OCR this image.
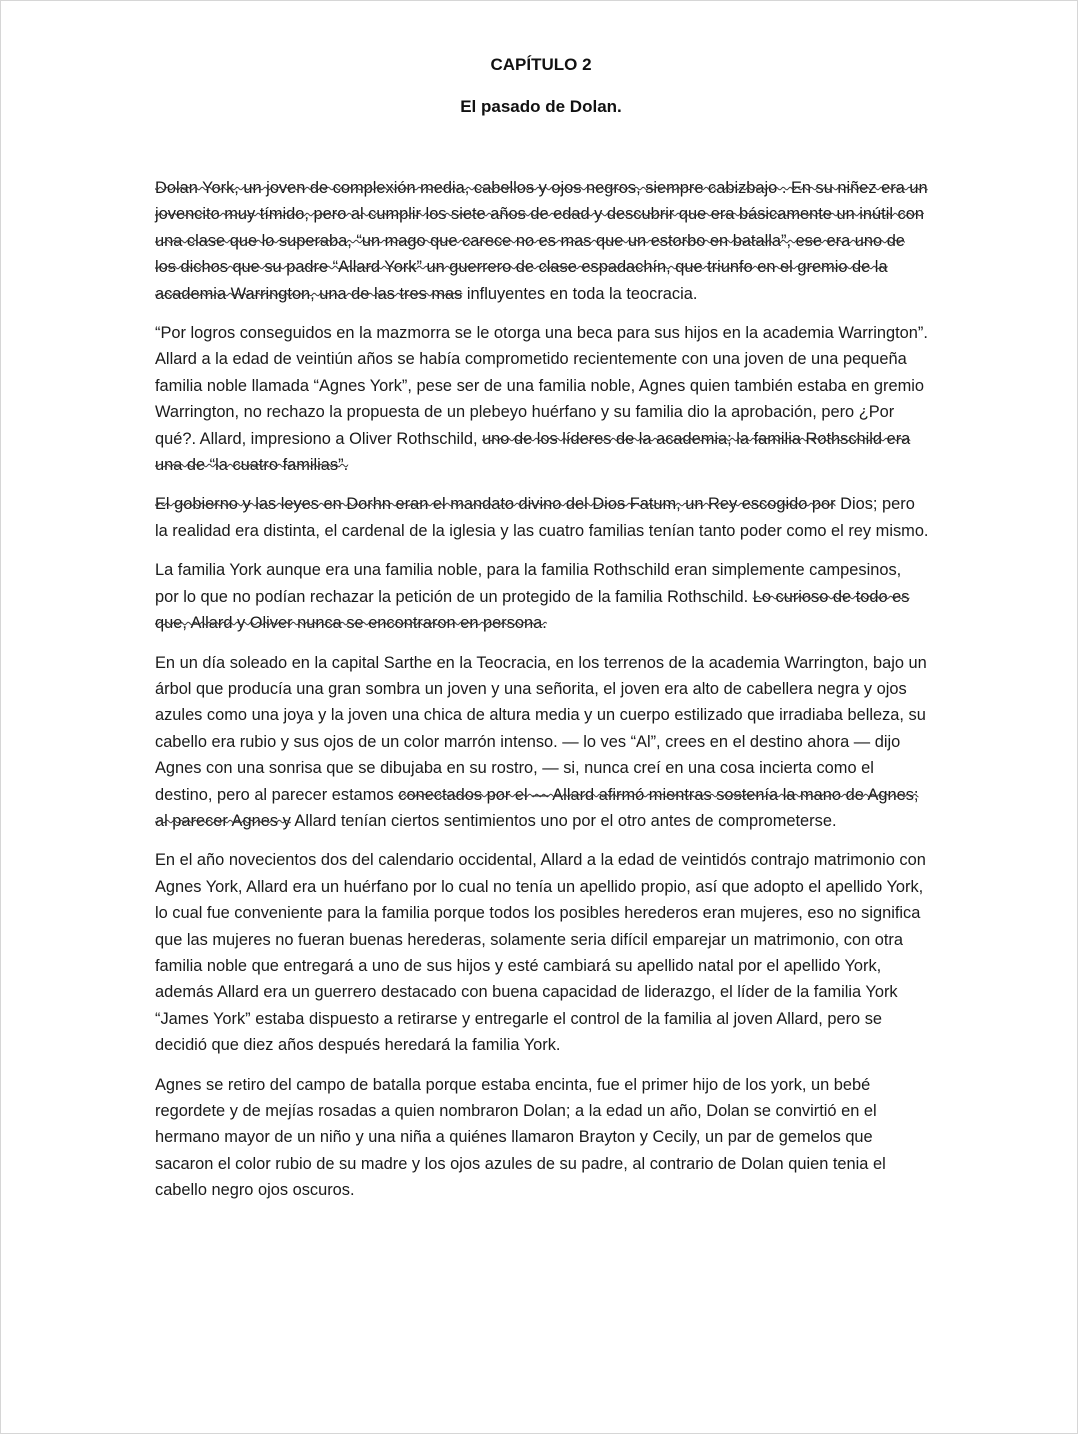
CAPÍTULO 2
El pasado de Dolan.

Dolan York, un joven de complexión media, cabellos y ojos negros, siempre cabizbajo . En su niñez era un jovencito muy tímido, pero al cumplir los siete años de edad y descubrir que era básicamente un inútil con una clase que lo superaba, “un mago que carece no es mas que un estorbo en batalla”, ese era uno de los dichos que su padre “Allard York” un guerrero de clase espadachín, que triunfo en el gremio de la academia Warrington, una de las tres mas influyentes en toda la teocracia.

“Por logros conseguidos en la mazmorra se le otorga una beca para sus hijos en la academia Warrington”. Allard a la edad de veintiún años se había comprometido recientemente con una joven de una pequeña familia noble llamada “Agnes York”, pese ser de una familia noble, Agnes quien también estaba en gremio Warrington, no rechazo la propuesta de un plebeyo huérfano y su familia dio la aprobación, pero ¿Por qué?. Allard, impresiono a Oliver Rothschild, uno de los líderes de la academia; la familia Rothschild era una de “la cuatro familias”.

El gobierno y las leyes en Dorhn eran el mandato divino del Dios Fatum, un Rey escogido por Dios; pero la realidad era distinta, el cardenal de la iglesia y las cuatro familias tenían tanto poder como el rey mismo.

La familia York aunque era una familia noble, para la familia Rothschild eran simplemente campesinos, por lo que no podían rechazar la petición de un protegido de la familia Rothschild. Lo curioso de todo es que, Allard y Oliver nunca se encontraron en persona.

En un día soleado en la capital Sarthe en la Teocracia, en los terrenos de la academia Warrington, bajo un árbol que producía una gran sombra un joven y una señorita, el joven era alto de cabellera negra y ojos azules como una joya y la joven una chica de altura media y un cuerpo estilizado que irradiaba belleza, su cabello era rubio y sus ojos de un color marrón intenso. — lo ves “Al”, crees en el destino ahora — dijo Agnes con una sonrisa que se dibujaba en su rostro, — si, nunca creí en una cosa incierta como el destino, pero al parecer estamos conectados por el — Allard afirmó mientras sostenía la mano de Agnes; al parecer Agnes y Allard tenían ciertos sentimientos uno por el otro antes de comprometerse.

En el año novecientos dos del calendario occidental, Allard a la edad de veintidós contrajo matrimonio con Agnes York, Allard era un huérfano por lo cual no tenía un apellido propio, así que adopto el apellido York, lo cual fue conveniente para la familia porque todos los posibles herederos eran mujeres, eso no significa que las mujeres no fueran buenas herederas, solamente seria difícil emparejar un matrimonio, con otra familia noble que entregará a uno de sus hijos y esté cambiará su apellido natal por el apellido York, además Allard era un guerrero destacado con buena capacidad de liderazgo, el líder de la familia York “James York” estaba dispuesto a retirarse y entregarle el control de la familia al joven Allard, pero se decidió que diez años después heredará la familia York.

Agnes se retiro del campo de batalla porque estaba encinta, fue el primer hijo de los york, un bebé regordete y de mejías rosadas a quien nombraron Dolan; a la edad un año, Dolan se convirtió en el hermano mayor de un niño y una niña a quiénes llamaron Brayton y Cecily, un par de gemelos que sacaron el color rubio de su madre y los ojos azules de su padre, al contrario de Dolan quien tenia el cabello negro ojos oscuros.
